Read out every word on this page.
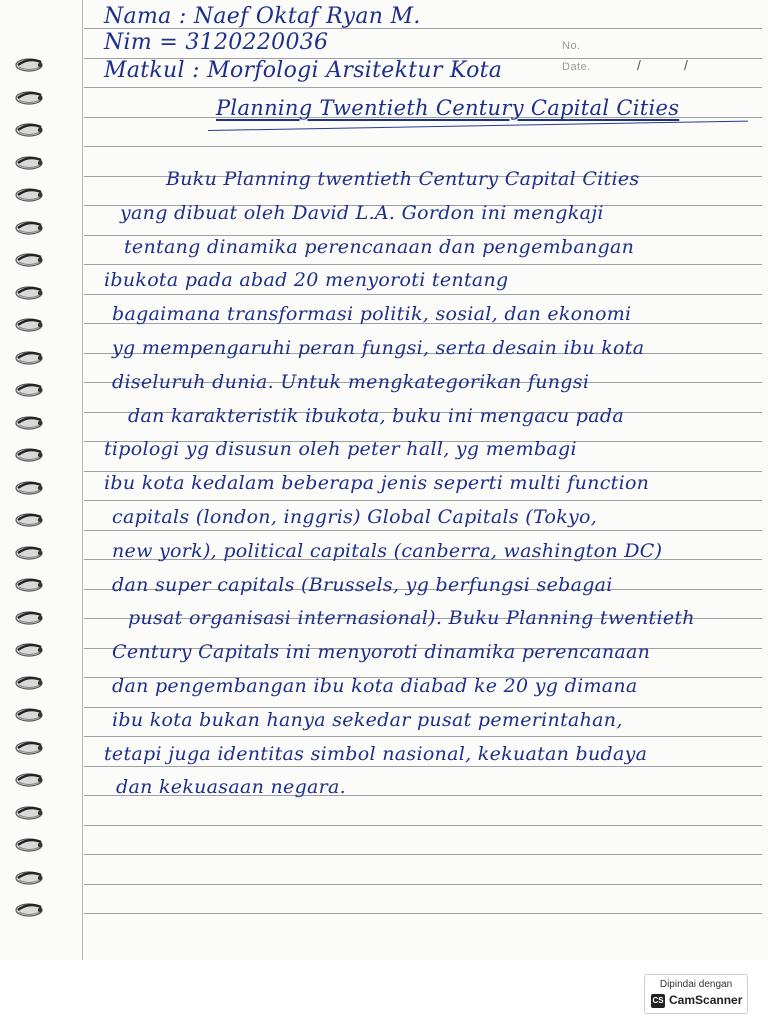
No.
Date.	/	/
Nama : Naef Oktaf Ryan M.
Nim = 3120220036
Matkul : Morfologi Arsitektur Kota
Planning Twentieth Century Capital Cities
Buku Planning twentieth Century Capital Cities
yang dibuat oleh David L.A. Gordon ini mengkaji
tentang dinamika perencanaan dan pengembangan
ibukota pada abad 20 menyoroti tentang
bagaimana transformasi politik, sosial, dan ekonomi
yg mempengaruhi peran fungsi, serta desain ibu kota
diseluruh dunia. Untuk mengkategorikan fungsi
dan karakteristik ibukota, buku ini mengacu pada
tipologi yg disusun oleh peter hall, yg membagi
ibu kota kedalam beberapa jenis seperti multi function
capitals (london, inggris) Global Capitals (Tokyo,
new york), political capitals (canberra, washington DC)
dan super capitals (Brussels, yg berfungsi sebagai
pusat organisasi internasional). Buku Planning twentieth
Century Capitals ini menyoroti dinamika perencanaan
dan pengembangan ibu kota diabad ke 20 yg dimana
ibu kota bukan hanya sekedar pusat pemerintahan,
tetapi juga identitas simbol nasional, kekuatan budaya
dan kekuasaan negara.
Dipindai dengan
CS CamScanner
